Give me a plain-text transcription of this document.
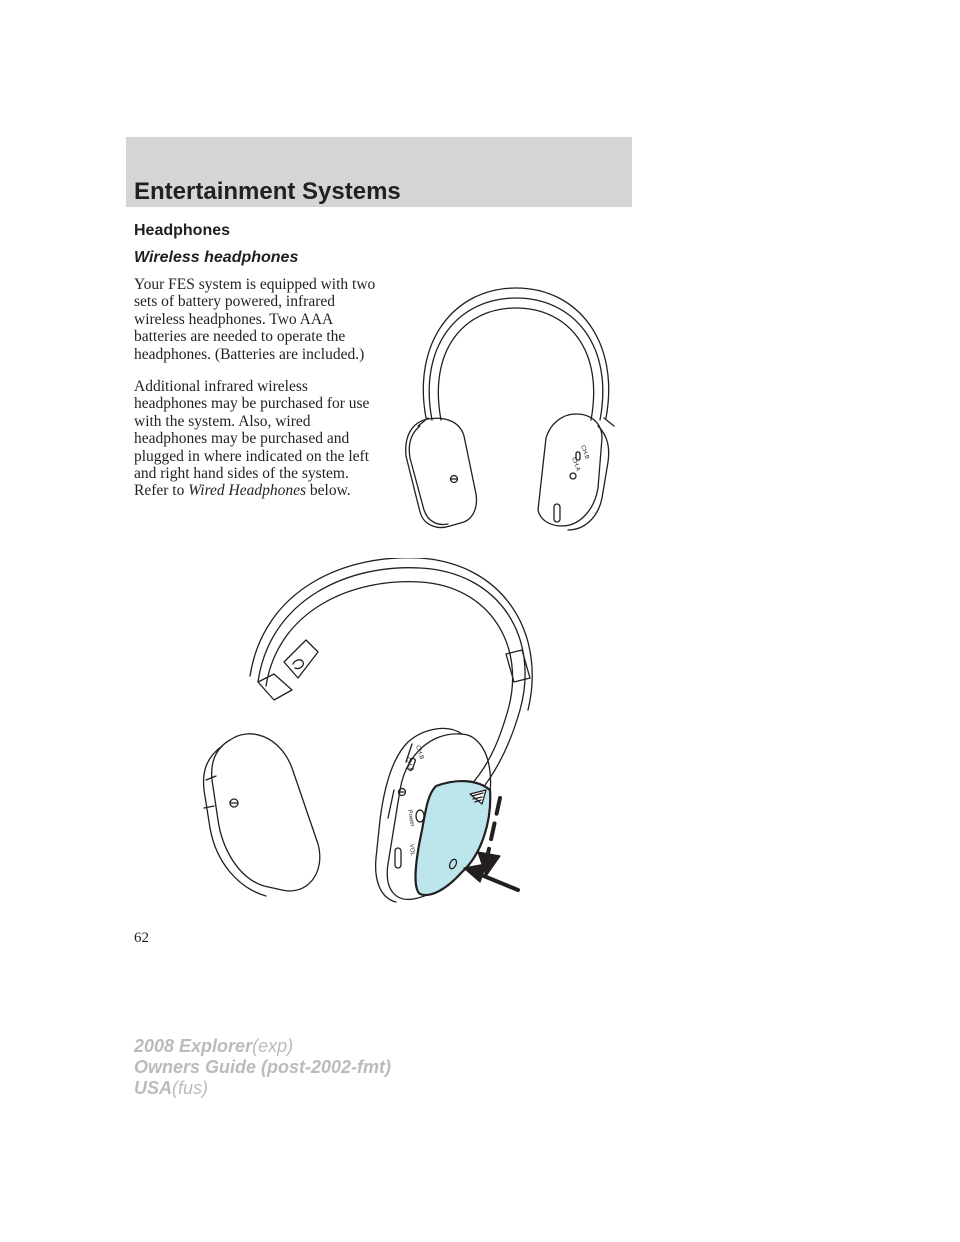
Entertainment Systems
Headphones
Wireless headphones
Your FES system is equipped with two sets of battery powered, infrared wireless headphones. Two AAA batteries are needed to operate the headphones. (Batteries are included.)
Additional infrared wireless headphones may be purchased for use with the system. Also, wired headphones may be purchased and plugged in where indicated on the left and right hand sides of the system. Refer to Wired Headphones below.
CH.B
CH.A
CH.B
CH.A
Power
VOL
62
2008 Explorer(exp)
Owners Guide (post-2002-fmt)
USA(fus)
